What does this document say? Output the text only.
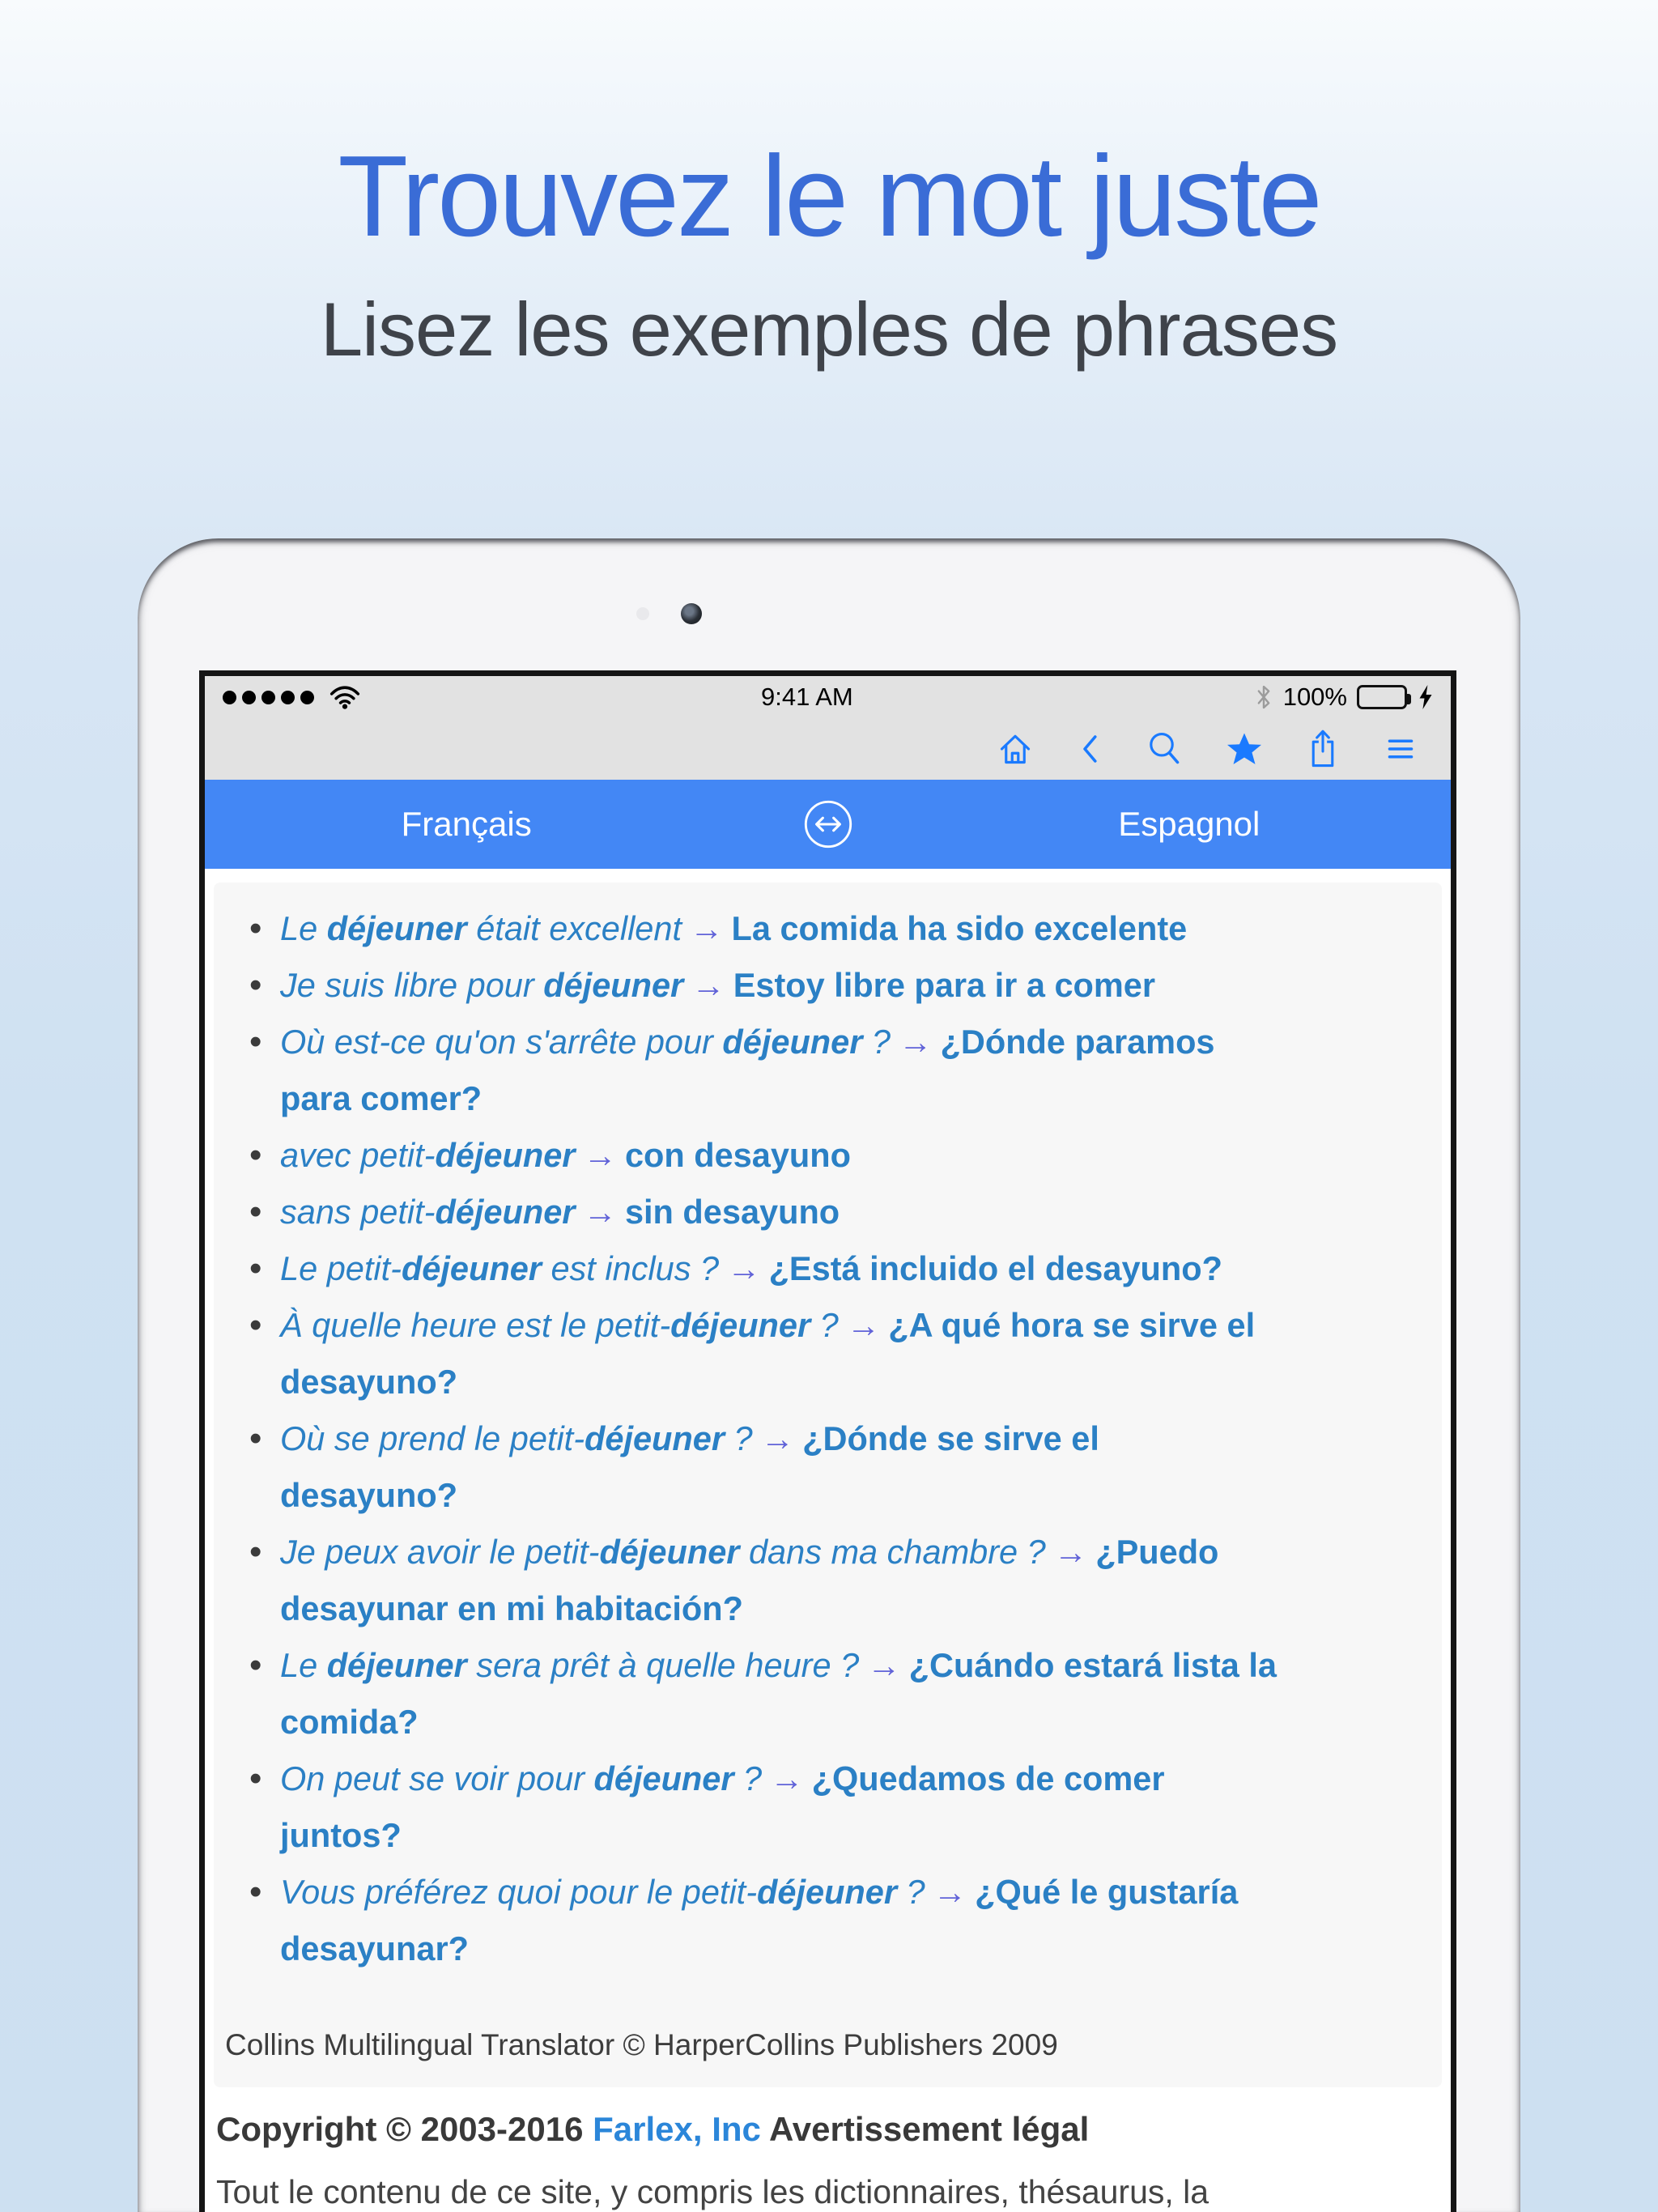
Trouvez le mot juste
Lisez les exemples de phrases
9:41 AM	100%
Français	Espagnol
• Le déjeuner était excellent → La comida ha sido excelente
• Je suis libre pour déjeuner → Estoy libre para ir a comer
• Où est-ce qu'on s'arrête pour déjeuner ? → ¿Dónde paramos
para comer?
• avec petit-déjeuner → con desayuno
• sans petit-déjeuner → sin desayuno
• Le petit-déjeuner est inclus ? → ¿Está incluido el desayuno?
• À quelle heure est le petit-déjeuner ? → ¿A qué hora se sirve el
desayuno?
• Où se prend le petit-déjeuner ? → ¿Dónde se sirve el
desayuno?
• Je peux avoir le petit-déjeuner dans ma chambre ? → ¿Puedo
desayunar en mi habitación?
• Le déjeuner sera prêt à quelle heure ? → ¿Cuándo estará lista la
comida?
• On peut se voir pour déjeuner ? → ¿Quedamos de comer
juntos?
• Vous préférez quoi pour le petit-déjeuner ? → ¿Qué le gustaría
desayunar?
Collins Multilingual Translator © HarperCollins Publishers 2009
Copyright © 2003-2016 Farlex, Inc Avertissement légal
Tout le contenu de ce site, y compris les dictionnaires, thésaurus, la
